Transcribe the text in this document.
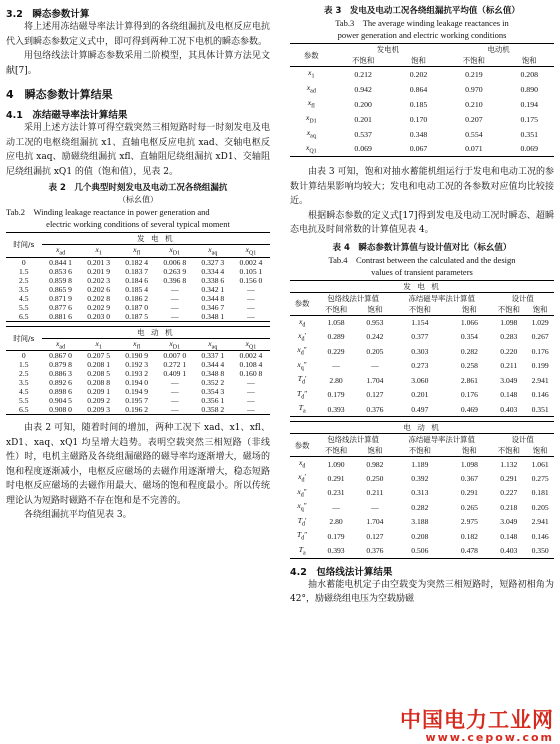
3.2　瞬态参数计算

将上述用冻结磁导率法计算得到的各绕组漏抗及电枢反应电抗代入到瞬态参数定义式中，即可得到两种工况下电机的瞬态参数。

用包络线法计算瞬态参数采用二阶模型，其具体计算方法见文献[7]。

4　瞬态参数计算结果

4.1　冻结磁导率法计算结果

采用上述方法计算可得空载突然三相短路时每一时刻发电及电动工况的电枢绕组漏抗 x1、直轴电枢反应电抗 xad、交轴电枢反应电抗 xaq、励磁绕组漏抗 xfl、直轴阻尼绕组漏抗 xD1、交轴阻尼绕组漏抗 xQ1 的值（饱和值），见表 2。

表 2　几个典型时刻发电及电动工况各绕组漏抗

（标幺值）

Tab.2　Winding leakage reactance in power generation and

electric working conditions of several typical moment

时间/s	发 电 机					
	$x_{ad}$	$x_1$	$x_{fl}$	$x_{D1}$	$x_{aq}$	$x_{Q1}$
0	0.844 1	0.201 3	0.182 4	0.006 8	0.327 3	0.002 4
1.5	0.853 6	0.201 9	0.183 7	0.263 9	0.334 4	0.105 1
2.5	0.859 8	0.202 3	0.184 6	0.396 8	0.338 6	0.156 0
3.5	0.865 9	0.202 6	0.185 4	—	0.342 1	—
4.5	0.871 9	0.202 8	0.186 2	—	0.344 8	—
5.5	0.877 6	0.202 9	0.187 0	—	0.346 7	—
6.5	0.881 6	0.203 0	0.187 5	—	0.348 1	—

时间/s	电 动 机					
	$x_{ad}$	$x_1$	$x_{fl}$	$x_{D1}$	$x_{aq}$	$x_{Q1}$
0	0.867 0	0.207 5	0.190 9	0.007 0	0.337 1	0.002 4
1.5	0.879 8	0.208 1	0.192 3	0.272 1	0.344 4	0.108 4
2.5	0.886 3	0.208 5	0.193 2	0.409 1	0.348 8	0.160 8
3.5	0.892 6	0.208 8	0.194 0	—	0.352 2	—
4.5	0.898 6	0.209 1	0.194 9	—	0.354 3	—
5.5	0.904 5	0.209 2	0.195 7	—	0.356 1	—
6.5	0.908 0	0.209 3	0.196 2	—	0.358 2	—

由表 2 可知，随着时间的增加，两种工况下 xad、x1、xfl、xD1、xaq、xQ1 均呈增大趋势。表明空载突然三相短路（非线性）时，电机主磁路及各绕组漏磁路的磁导率均逐渐增大，磁场的饱和程度逐渐减小，电枢反应磁场的去磁作用逐渐增大，稳态短路时电枢反应磁场的去磁作用最大、磁场的饱和程度最小。所以传统理论认为短路时磁路不存在饱和是不完善的。

各绕组漏抗平均值见表 3。

表 3　发电及电动工况各绕组漏抗平均值（标幺值）

Tab.3　The average winding leakage reactances in

power generation and electric working conditions

参数	发电机		电动机	
	不饱和	饱和	不饱和	饱和
$x_1$	0.212	0.202	0.219	0.208
$x_{ad}$	0.942	0.864	0.970	0.890
$x_{fl}$	0.200	0.185	0.210	0.194
$x_{D1}$	0.201	0.170	0.207	0.175
$x_{aq}$	0.537	0.348	0.554	0.351
$x_{Q1}$	0.069	0.067	0.071	0.069

由表 3 可知，饱和对抽水蓄能机组运行于发电和电动工况的参数计算结果影响均较大；发电和电动工况的各参数对应值均比较接近。

根据瞬态参数的定义式[17]得到发电及电动工况时瞬态、超瞬态电抗及时间常数的计算值见表 4。

表 4　瞬态参数计算值与设计值对比（标幺值）

Tab.4　Contrast between the calculated and the design

values of transient parameters

发 电 机						
参数	包络线法计算值		冻结磁导率法计算值		设计值	
	不饱和	饱和	不饱和	饱和	不饱和	饱和
$x_d$	1.058	0.953	1.154	1.066	1.098	1.029
$x_d'$	0.289	0.242	0.377	0.354	0.283	0.267
$x_d''$	0.229	0.205	0.303	0.282	0.220	0.176
$x_q''$	—	—	0.273	0.258	0.211	0.199
$T_d'$	2.80	1.704	3.060	2.861	3.049	2.941
$T_d''$	0.179	0.127	0.201	0.176	0.148	0.146
$T_a$	0.393	0.376	0.497	0.469	0.403	0.351

电 动 机						
参数	包络线法计算值		冻结磁导率法计算值		设计值	
	不饱和	饱和	不饱和	饱和	不饱和	饱和
$x_d$	1.090	0.982	1.189	1.098	1.132	1.061
$x_d'$	0.291	0.250	0.392	0.367	0.291	0.275
$x_d''$	0.231	0.211	0.313	0.291	0.227	0.181
$x_q''$	—	—	0.282	0.265	0.218	0.205
$T_d'$	2.80	1.704	3.188	2.975	3.049	2.941
$T_d''$	0.179	0.127	0.208	0.182	0.148	0.146
$T_a$	0.393	0.376	0.506	0.478	0.403	0.350

4.2　包络线法计算结果

抽水蓄能电机定子由空载变为突然三相短路时，短路初相角为 42°，励磁绕组电压为空载励磁

中国电力工业网
www.cepow.com
